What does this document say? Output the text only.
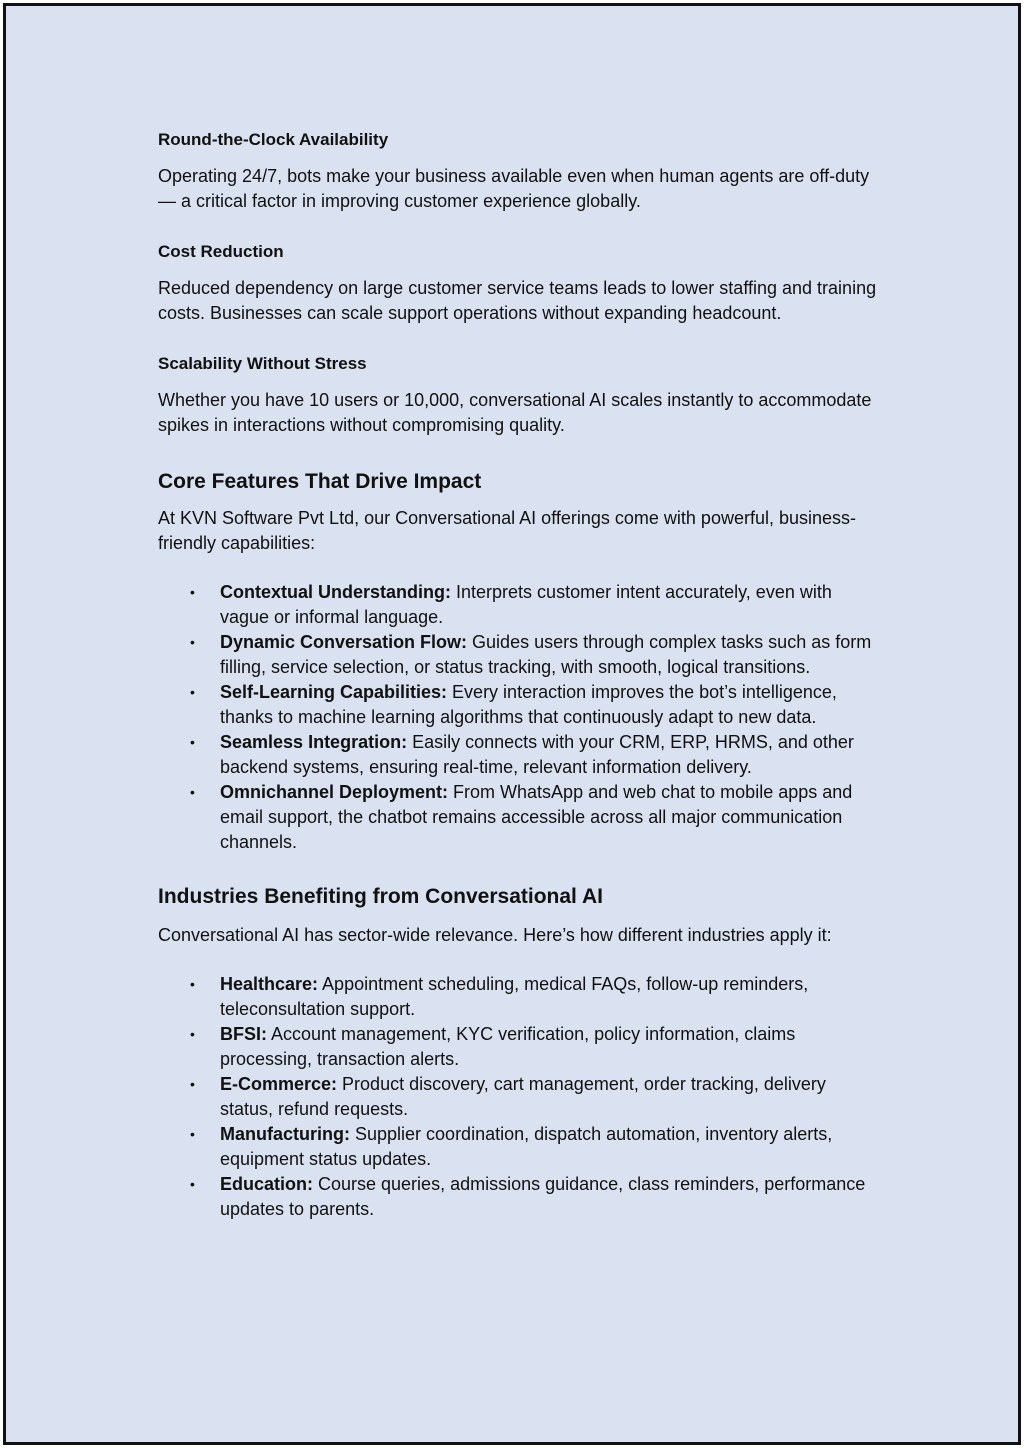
Round-the-Clock Availability

Operating 24/7, bots make your business available even when human agents are off-duty — a critical factor in improving customer experience globally.

Cost Reduction

Reduced dependency on large customer service teams leads to lower staffing and training costs. Businesses can scale support operations without expanding headcount.

Scalability Without Stress

Whether you have 10 users or 10,000, conversational AI scales instantly to accommodate spikes in interactions without compromising quality.

Core Features That Drive Impact

At KVN Software Pvt Ltd, our Conversational AI offerings come with powerful, business-friendly capabilities:

• Contextual Understanding: Interprets customer intent accurately, even with vague or informal language.
• Dynamic Conversation Flow: Guides users through complex tasks such as form filling, service selection, or status tracking, with smooth, logical transitions.
• Self-Learning Capabilities: Every interaction improves the bot’s intelligence, thanks to machine learning algorithms that continuously adapt to new data.
• Seamless Integration: Easily connects with your CRM, ERP, HRMS, and other backend systems, ensuring real-time, relevant information delivery.
• Omnichannel Deployment: From WhatsApp and web chat to mobile apps and email support, the chatbot remains accessible across all major communication channels.
Industries Benefiting from Conversational AI

Conversational AI has sector-wide relevance. Here’s how different industries apply it:

• Healthcare: Appointment scheduling, medical FAQs, follow-up reminders, teleconsultation support.
• BFSI: Account management, KYC verification, policy information, claims processing, transaction alerts.
• E-Commerce: Product discovery, cart management, order tracking, delivery status, refund requests.
• Manufacturing: Supplier coordination, dispatch automation, inventory alerts, equipment status updates.
• Education: Course queries, admissions guidance, class reminders, performance updates to parents.
